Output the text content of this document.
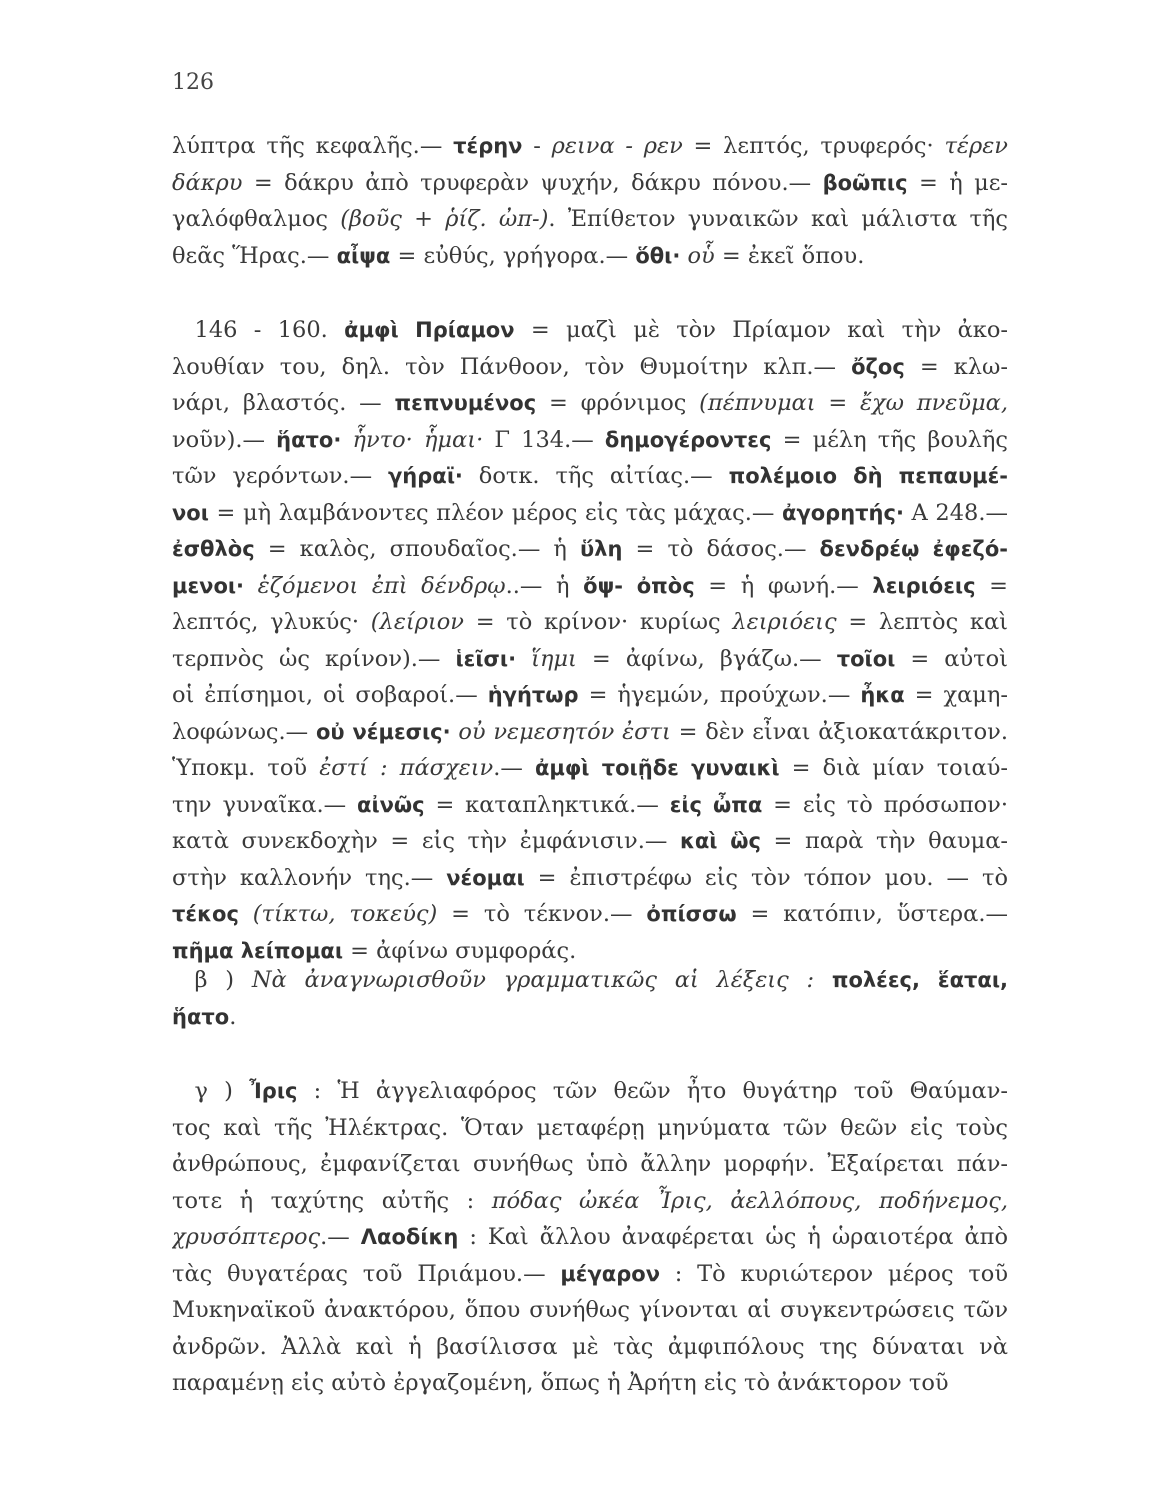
126
λύπτρα τῆς κεφαλῆς.— τέρην - ρεινα - ρεν = λεπτός, τρυφερός· τέρεν
δάκρυ = δάκρυ ἀπὸ τρυφερὰν ψυχήν, δάκρυ πόνου.— βοῶπις = ἡ με-
γαλόφθαλμος (βοῦς + ῥίζ. ὠπ-). Ἐπίθετον γυναικῶν καὶ μάλιστα τῆς
θεᾶς Ἥρας.— αἶψα = εὐθύς, γρήγορα.— ὅθι· οὗ = ἐκεῖ ὅπου.
 146 - 160. ἀμφὶ Πρίαμον = μαζὶ μὲ τὸν Πρίαμον καὶ τὴν ἀκο-
λουθίαν του, δηλ. τὸν Πάνθοον, τὸν Θυμοίτην κλπ.— ὄζος = κλω-
νάρι, βλαστός. — πεπνυμένος = φρόνιμος (πέπνυμαι = ἔχω πνεῦμα,
νοῦν).— ἥατο· ἧντο· ἧμαι· Γ 134.— δημογέροντες = μέλη τῆς βουλῆς
τῶν γερόντων.— γήραϊ· δοτκ. τῆς αἰτίας.— πολέμοιο δὴ πεπαυμέ-
νοι = μὴ λαμβάνοντες πλέον μέρος εἰς τὰς μάχας.— ἀγορητής· Α 248.—
ἐσθλὸς = καλὸς, σπουδαῖος.— ἡ ὕλη = τὸ δάσος.— δενδρέῳ ἐφεζό-
μενοι· ἑζόμενοι ἐπὶ δένδρῳ..— ἡ ὄψ- ὀπὸς = ἡ φωνή.— λειριόεις =
λεπτός, γλυκύς· (λείριον = τὸ κρίνον· κυρίως λειριόεις = λεπτὸς καὶ
τερπνὸς ὡς κρίνον).— ἱεῖσι· ἵημι = ἀφίνω, βγάζω.— τοῖοι = αὐτοὶ
οἱ ἐπίσημοι, οἱ σοβαροί.— ἡγήτωρ = ἡγεμών, προύχων.— ἦκα = χαμη-
λοφώνως.— οὐ νέμεσις· οὐ νεμεσητόν ἐστι = δὲν εἶναι ἀξιοκατάκριτον.
Ὑποκμ. τοῦ ἐστί : πάσχειν.— ἀμφὶ τοιῇδε γυναικὶ = διὰ μίαν τοιαύ-
την γυναῖκα.— αἰνῶς = καταπληκτικά.— εἰς ὦπα = εἰς τὸ πρόσωπον·
κατὰ συνεκδοχὴν = εἰς τὴν ἐμφάνισιν.— καὶ ὣς = παρὰ τὴν θαυμα-
στὴν καλλονήν της.— νέομαι = ἐπιστρέφω εἰς τὸν τόπον μου. — τὸ
τέκος (τίκτω, τοκεύς) = τὸ τέκνον.— ὀπίσσω = κατόπιν, ὕστερα.—
πῆμα λείπομαι = ἀφίνω συμφοράς.
 β ) Νὰ ἀναγνωρισθοῦν γραμματικῶς αἱ λέξεις : πολέες, ἕαται,
ἥατο.
 γ ) Ἶρις : Ἡ ἀγγελιαφόρος τῶν θεῶν ἦτο θυγάτηρ τοῦ Θαύμαν-
τος καὶ τῆς Ἠλέκτρας. Ὅταν μεταφέρῃ μηνύματα τῶν θεῶν εἰς τοὺς
ἀνθρώπους, ἐμφανίζεται συνήθως ὑπὸ ἄλλην μορφήν. Ἐξαίρεται πάν-
τοτε ἡ ταχύτης αὐτῆς : πόδας ὠκέα Ἶρις, ἀελλόπους, ποδήνεμος,
χρυσόπτερος.— Λαοδίκη : Καὶ ἄλλου ἀναφέρεται ὡς ἡ ὡραιοτέρα ἀπὸ
τὰς θυγατέρας τοῦ Πριάμου.— μέγαρον : Τὸ κυριώτερον μέρος τοῦ
Μυκηναϊκοῦ ἀνακτόρου, ὅπου συνήθως γίνονται αἱ συγκεντρώσεις τῶν
ἀνδρῶν. Ἀλλὰ καὶ ἡ βασίλισσα μὲ τὰς ἀμφιπόλους της δύναται νὰ
παραμένῃ εἰς αὐτὸ ἐργαζομένη, ὅπως ἡ Ἀρήτη εἰς τὸ ἀνάκτορον τοῦ
